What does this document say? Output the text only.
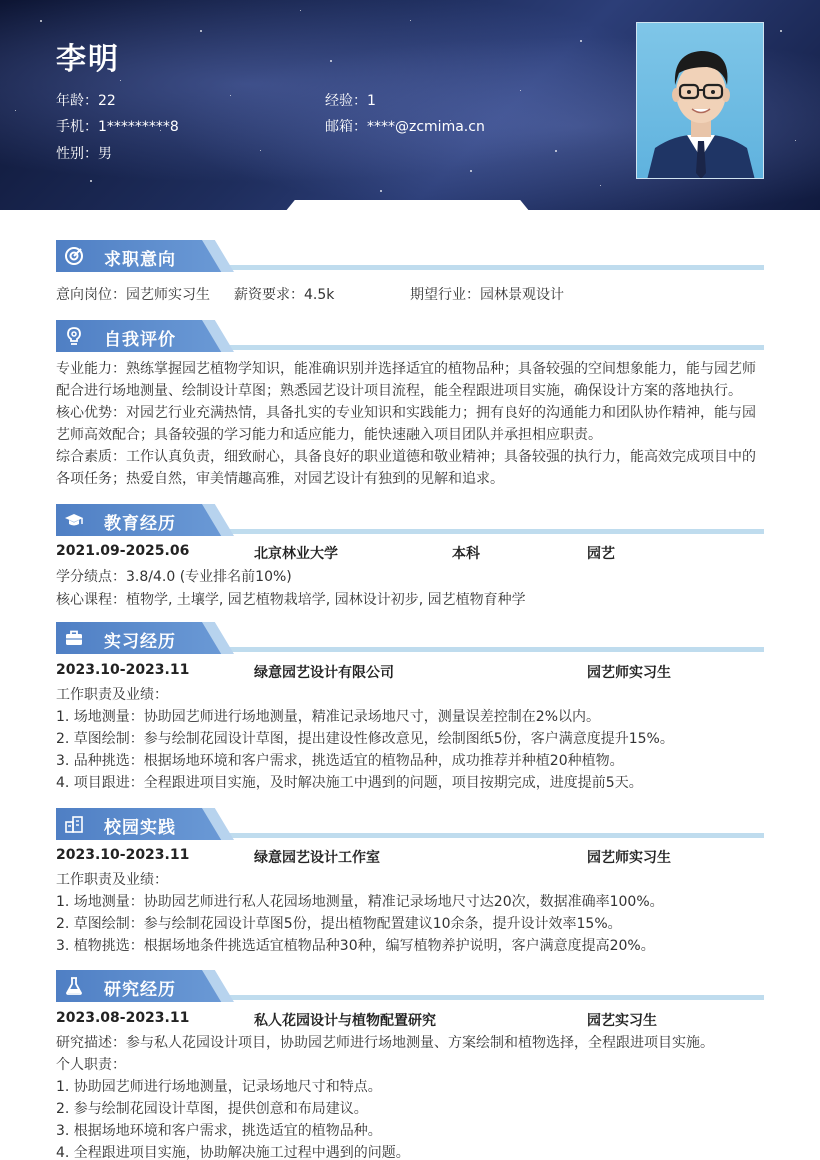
李明
年龄：22	经验：1
手机：1*********8	邮箱：****@zcmima.cn
性别：男
求职意向
意向岗位：园艺师实习生 薪资要求：4.5k	期望行业：园林景观设计
自我评价
专业能力：熟练掌握园艺植物学知识，能准确识别并选择适宜的植物品种；具备较强的空间想象能力，能与园艺师配合进行场地测量、绘制设计草图；熟悉园艺设计项目流程，能全程跟进项目实施，确保设计方案的落地执行。
核心优势：对园艺行业充满热情，具备扎实的专业知识和实践能力；拥有良好的沟通能力和团队协作精神，能与园艺师高效配合；具备较强的学习能力和适应能力，能快速融入项目团队并承担相应职责。
综合素质：工作认真负责，细致耐心，具备良好的职业道德和敬业精神；具备较强的执行力，能高效完成项目中的各项任务；热爱自然，审美情趣高雅，对园艺设计有独到的见解和追求。
教育经历
2021.09-2025.06	北京林业大学	本科	园艺
学分绩点：3.8/4.0 (专业排名前10%)
核心课程：植物学, 土壤学, 园艺植物栽培学, 园林设计初步, 园艺植物育种学
实习经历
2023.10-2023.11	绿意园艺设计有限公司	园艺师实习生
工作职责及业绩：
1. 场地测量：协助园艺师进行场地测量，精准记录场地尺寸，测量误差控制在2%以内。
2. 草图绘制：参与绘制花园设计草图，提出建设性修改意见，绘制图纸5份，客户满意度提升15%。
3. 品种挑选：根据场地环境和客户需求，挑选适宜的植物品种，成功推荐并种植20种植物。
4. 项目跟进：全程跟进项目实施，及时解决施工中遇到的问题，项目按期完成，进度提前5天。
校园实践
2023.10-2023.11	绿意园艺设计工作室	园艺师实习生
工作职责及业绩：
1. 场地测量：协助园艺师进行私人花园场地测量，精准记录场地尺寸达20次，数据准确率100%。
2. 草图绘制：参与绘制花园设计草图5份，提出植物配置建议10余条，提升设计效率15%。
3. 植物挑选：根据场地条件挑选适宜植物品种30种，编写植物养护说明，客户满意度提高20%。
研究经历
2023.08-2023.11	私人花园设计与植物配置研究	园艺实习生
研究描述：参与私人花园设计项目，协助园艺师进行场地测量、方案绘制和植物选择，全程跟进项目实施。
个人职责：
1. 协助园艺师进行场地测量，记录场地尺寸和特点。
2. 参与绘制花园设计草图，提供创意和布局建议。
3. 根据场地环境和客户需求，挑选适宜的植物品种。
4. 全程跟进项目实施，协助解决施工过程中遇到的问题。
